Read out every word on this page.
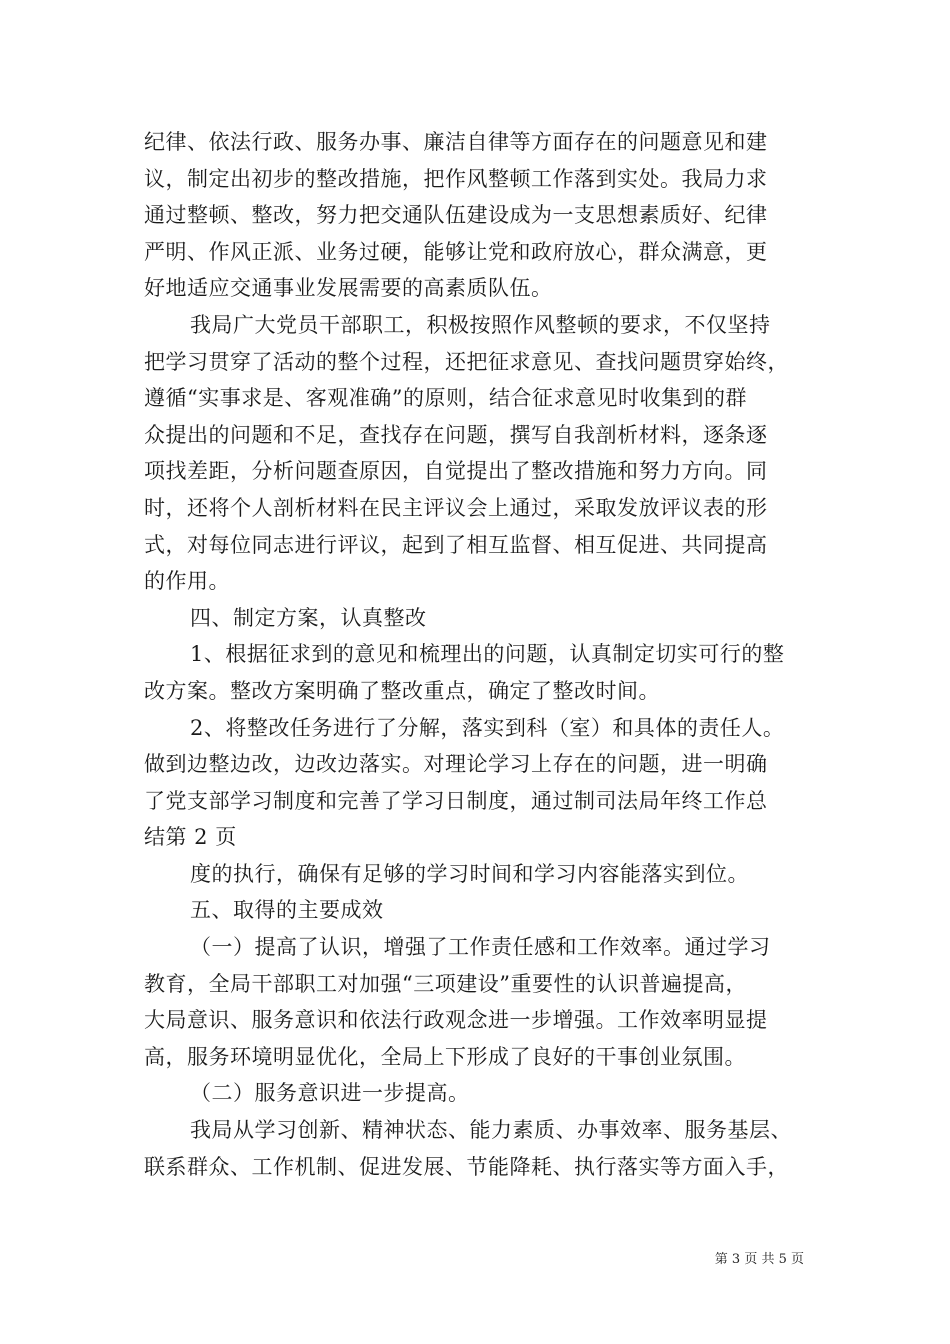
纪律、依法行政、服务办事、廉洁自律等方面存在的问题意见和建
议，制定出初步的整改措施，把作风整顿工作落到实处。我局力求
通过整顿、整改，努力把交通队伍建设成为一支思想素质好、纪律
严明、作风正派、业务过硬，能够让党和政府放心，群众满意，更
好地适应交通事业发展需要的高素质队伍。
我局广大党员干部职工，积极按照作风整顿的要求，不仅坚持
把学习贯穿了活动的整个过程，还把征求意见、查找问题贯穿始终，
遵循“实事求是、客观准确”的原则，结合征求意见时收集到的群
众提出的问题和不足，查找存在问题，撰写自我剖析材料，逐条逐
项找差距，分析问题查原因，自觉提出了整改措施和努力方向。同
时，还将个人剖析材料在民主评议会上通过，采取发放评议表的形
式，对每位同志进行评议，起到了相互监督、相互促进、共同提高
的作用。
四、制定方案，认真整改
1、根据征求到的意见和梳理出的问题，认真制定切实可行的整
改方案。整改方案明确了整改重点，确定了整改时间。
2、将整改任务进行了分解，落实到科（室）和具体的责任人。
做到边整边改，边改边落实。对理论学习上存在的问题，进一明确
了党支部学习制度和完善了学习日制度，通过制司法局年终工作总
结第 2 页
度的执行，确保有足够的学习时间和学习内容能落实到位。
五、取得的主要成效
（一）提高了认识，增强了工作责任感和工作效率。通过学习
教育，全局干部职工对加强“三项建设”重要性的认识普遍提高，
大局意识、服务意识和依法行政观念进一步增强。工作效率明显提
高，服务环境明显优化，全局上下形成了良好的干事创业氛围。
（二）服务意识进一步提高。
我局从学习创新、精神状态、能力素质、办事效率、服务基层、
联系群众、工作机制、促进发展、节能降耗、执行落实等方面入手，
第 3 页 共 5 页
